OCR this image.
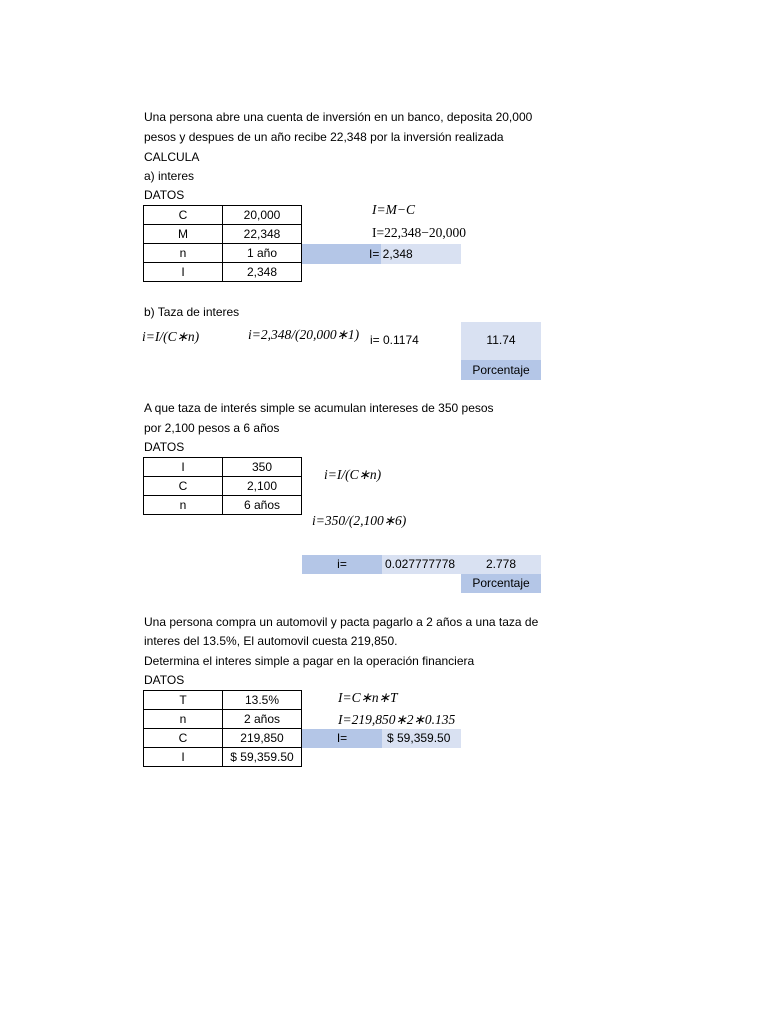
Una persona abre una cuenta de inversión en un banco, deposita 20,000
pesos y despues de un año recibe 22,348 por la inversión realizada
CALCULA
a) interes
DATOS
C	20,000
M	22,348
n	1 año
I	2,348
I=M−C
I=22,348−20,000
I= 2,348
b) Taza de interes
i=I/(C∗n)	i=2,348/(20,000∗1) i= 0.1174	11.74
Porcentaje
A que taza de interés simple se acumulan intereses de 350 pesos
por 2,100 pesos a 6 años
DATOS
I	350
C	2,100
n	6 años
i=I/(C∗n)
i=350/(2,100∗6)
i=	0.027777778	2.778
Porcentaje
Una persona compra un automovil y pacta pagarlo a 2 años a una taza de
interes del 13.5%, El automovil cuesta 219,850.
Determina el interes simple a pagar en la operación financiera
DATOS
T	13.5%
n	2 años
C	219,850
I	$ 59,359.50
I=C∗n∗T
I=219,850∗2∗0.135
I=	$ 59,359.50
